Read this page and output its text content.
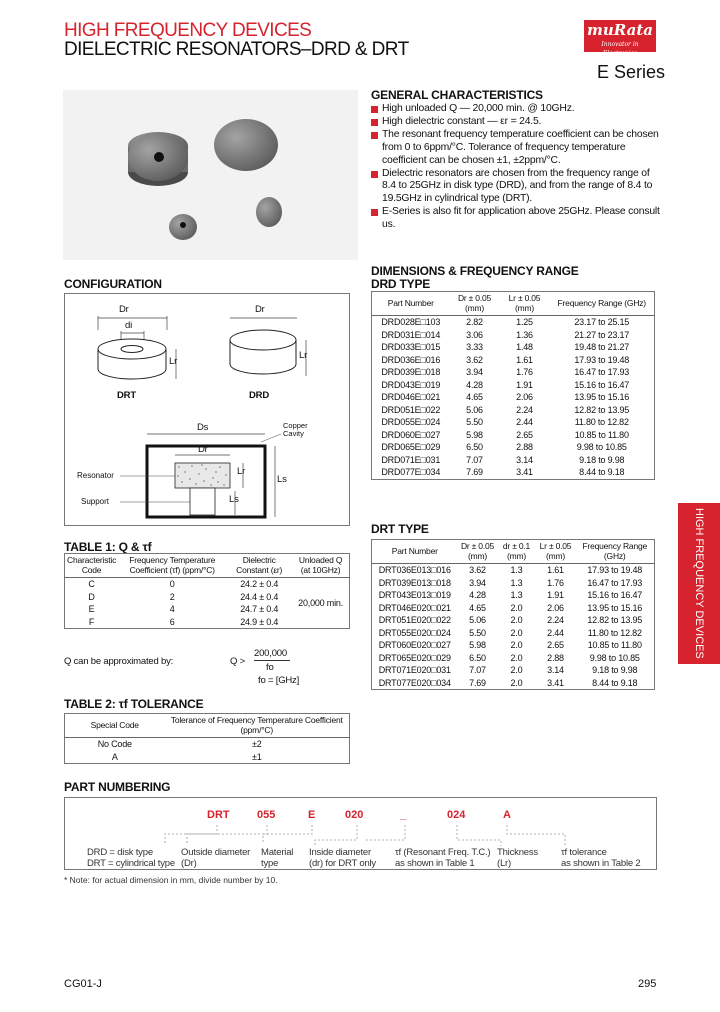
HIGH FREQUENCY DEVICES
DIELECTRIC RESONATORS–DRD & DRT
muRata
Innovator in Electronics
E Series
GENERAL CHARACTERISTICS
High unloaded Q — 20,000 min. @ 10GHz.
High dielectric constant — εr = 24.5.
The resonant frequency temperature coefficient can be chosen from 0 to 6ppm/°C. Tolerance of frequency temperature coefficient can be chosen ±1, ±2ppm/°C.
Dielectric resonators are chosen from the frequency range of 8.4 to 25GHz in disk type (DRD), and from the range of 8.4 to 19.5GHz in cylindrical type (DRT).
E-Series is also fit for application above 25GHz. Please consult us.
CONFIGURATION
Dr
di
Lr
Dr
Lr
DRT	DRD
Ds
Dr
Lr
Ls
Ls
Copper Cavity
Resonator
Support
DIMENSIONS & FREQUENCY RANGE
DRD TYPE
Part Number	Dr ± 0.05 (mm)	Lr ± 0.05 (mm)	Frequency Range (GHz)
DRD028E□103	2.82	1.25	23.17 to 25.15
DRD031E□014	3.06	1.36	21.27 to 23.17
DRD033E□015	3.33	1.48	19.48 to 21.27
DRD036E□016	3.62	1.61	17.93 to 19.48
DRD039E□018	3.94	1.76	16.47 to 17.93
DRD043E□019	4.28	1.91	15.16 to 16.47
DRD046E□021	4.65	2.06	13.95 to 15.16
DRD051E□022	5.06	2.24	12.82 to 13.95
DRD055E□024	5.50	2.44	11.80 to 12.82
DRD060E□027	5.98	2.65	10.85 to 11.80
DRD065E□029	6.50	2.88	9.98 to 10.85
DRD071E□031	7.07	3.14	9.18 to 9.98
DRD077E□034	7.69	3.41	8.44 to 9.18
DRT TYPE
Part Number	Dr ± 0.05 (mm)	dr ± 0.1 (mm)	Lr ± 0.05 (mm)	Frequency Range (GHz)
DRT036E013□016	3.62	1.3	1.61	17.93 to 19.48
DRT039E013□018	3.94	1.3	1.76	16.47 to 17.93
DRT043E013□019	4.28	1.3	1.91	15.16 to 16.47
DRT046E020□021	4.65	2.0	2.06	13.95 to 15.16
DRT051E020□022	5.06	2.0	2.24	12.82 to 13.95
DRT055E020□024	5.50	2.0	2.44	11.80 to 12.82
DRT060E020□027	5.98	2.0	2.65	10.85 to 11.80
DRT065E020□029	6.50	2.0	2.88	9.98 to 10.85
DRT071E020□031	7.07	2.0	3.14	9.18 to 9.98
DRT077E020□034	7.69	2.0	3.41	8.44 to 9.18
TABLE 1: Q & τf
Characteristic Code	Frequency Temperature Coefficient (τf) (ppm/°C)	Dielectric Constant (εr)	Unloaded Q (at 10GHz)
C	0	24.2 ± 0.4	20,000 min.
D	2	24.4 ± 0.4	
E	4	24.7 ± 0.4	
F	6	24.9 ± 0.4	
Q can be approximated by:	Q >
200,000
fo
fo = [GHz]
TABLE 2: τf TOLERANCE
Special Code	Tolerance of Frequency Temperature Coefficient (ppm/°C)
No Code	±2
A	±1
HIGH FREQUENCY DEVICES
PART NUMBERING
DRT 055	E	020	_	024	A
DRD = disk type
DRT = cylindrical type
Outside diameter
(Dr)
Material
type
Inside diameter
(dr) for DRT only
τf (Resonant Freq. T.C.)
as shown in Table 1
Thickness
(Lr)
τf tolerance
as shown in Table 2
* Note: for actual dimension in mm, divide number by 10.
CG01-J	295
